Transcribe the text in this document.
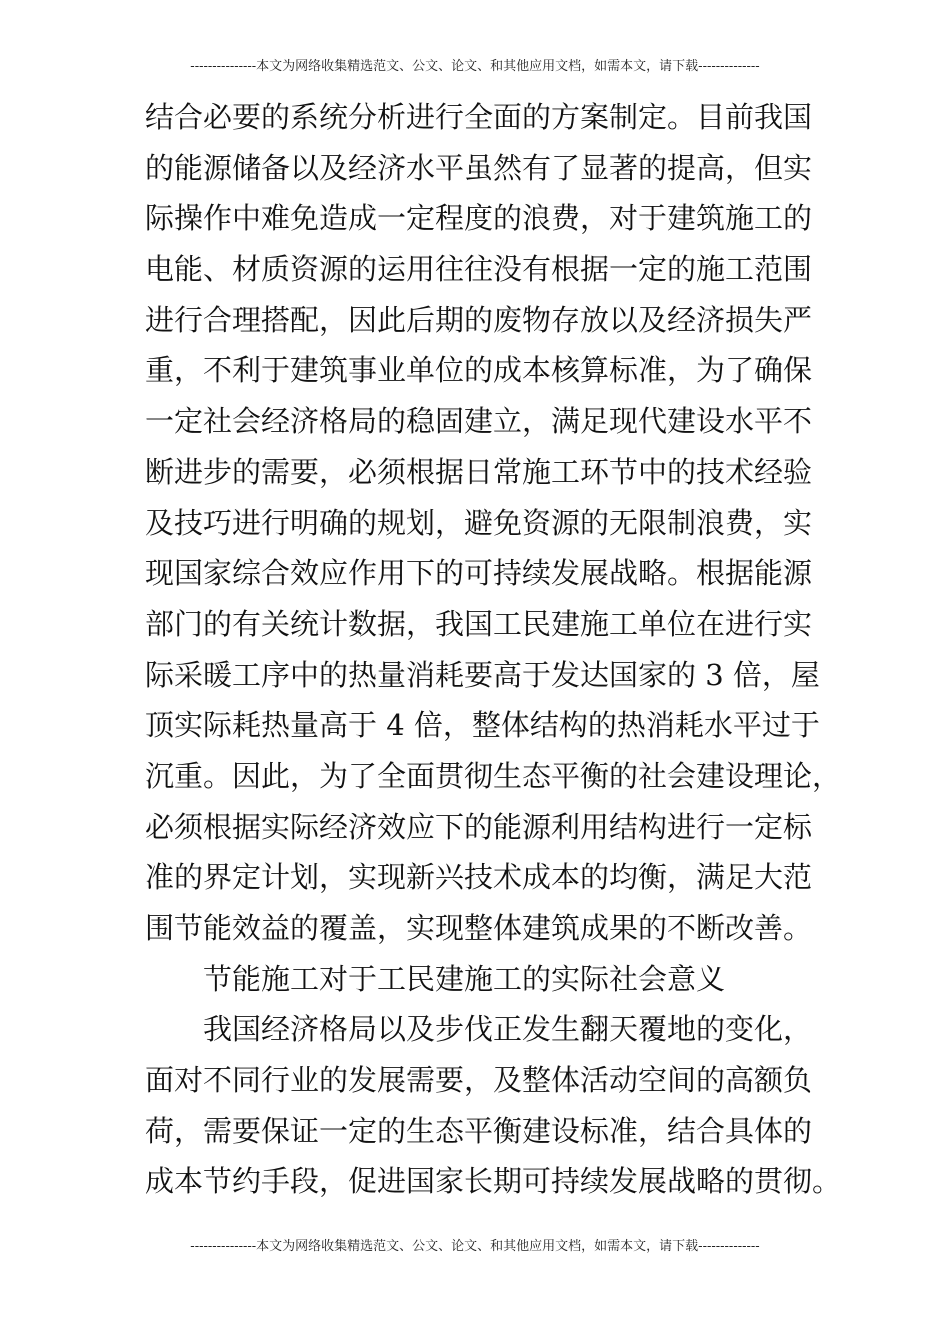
---------------本文为网络收集精选范文、公文、论文、和其他应用文档，如需本文，请下载--------------
结合必要的系统分析进行全面的方案制定。目前我国
的能源储备以及经济水平虽然有了显著的提高，但实
际操作中难免造成一定程度的浪费，对于建筑施工的
电能、材质资源的运用往往没有根据一定的施工范围
进行合理搭配，因此后期的废物存放以及经济损失严
重，不利于建筑事业单位的成本核算标准，为了确保
一定社会经济格局的稳固建立，满足现代建设水平不
断进步的需要，必须根据日常施工环节中的技术经验
及技巧进行明确的规划，避免资源的无限制浪费，实
现国家综合效应作用下的可持续发展战略。根据能源
部门的有关统计数据，我国工民建施工单位在进行实
际采暖工序中的热量消耗要高于发达国家的 3 倍，屋
顶实际耗热量高于 4 倍，整体结构的热消耗水平过于
沉重。因此，为了全面贯彻生态平衡的社会建设理论，
必须根据实际经济效应下的能源利用结构进行一定标
准的界定计划，实现新兴技术成本的均衡，满足大范
围节能效益的覆盖，实现整体建筑成果的不断改善。
节能施工对于工民建施工的实际社会意义
我国经济格局以及步伐正发生翻天覆地的变化，
面对不同行业的发展需要，及整体活动空间的高额负
荷，需要保证一定的生态平衡建设标准，结合具体的
成本节约手段，促进国家长期可持续发展战略的贯彻。
---------------本文为网络收集精选范文、公文、论文、和其他应用文档，如需本文，请下载--------------
